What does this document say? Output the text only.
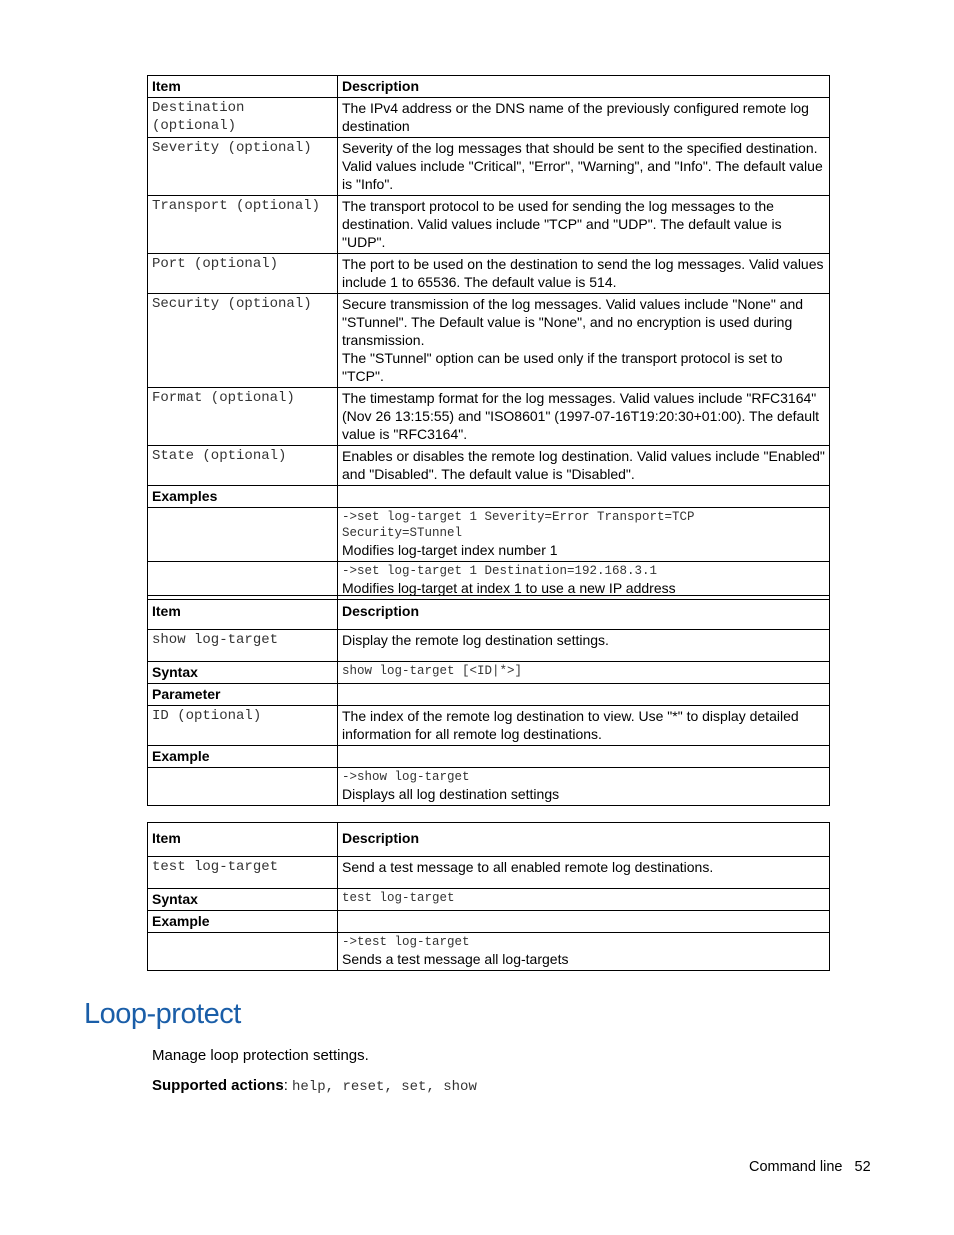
Item	Description
Destination
(optional)	The IPv4 address or the DNS name of the previously configured remote log destination
Severity (optional)	Severity of the log messages that should be sent to the specified destination. Valid values include "Critical", "Error", "Warning", and "Info". The default value is "Info".
Transport (optional)	The transport protocol to be used for sending the log messages to the destination. Valid values include "TCP" and "UDP". The default value is "UDP".
Port (optional)	The port to be used on the destination to send the log messages. Valid values include 1 to 65536. The default value is 514.
Security (optional)	Secure transmission of the log messages. Valid values include "None" and "STunnel". The Default value is "None", and no encryption is used during transmission.
The "STunnel" option can be used only if the transport protocol is set to "TCP".

Format (optional)	The timestamp format for the log messages. Valid values include "RFC3164" (Nov 26 13:15:55) and "ISO8601" (1997-07-16T19:20:30+01:00). The default value is "RFC3164".
State (optional)	Enables or disables the remote log destination. Valid values include "Enabled" and "Disabled". The default value is "Disabled".
Examples	

	->set log-target 1 Severity=Error Transport=TCP
Security=STunnel
Modifies log-target index number 1

	->set log-target 1 Destination=192.168.3.1
Modifies log-target at index 1 to use a new IP address
Item	Description
show log-target	Display the remote log destination settings.
Syntax	show log-target [<ID|*>]

Parameter	
ID (optional)	The index of the remote log destination to view. Use "*" to display detailed information for all remote log destinations.
Example	

	->show log-target
Displays all log destination settings
Item	Description
test log-target	Send a test message to all enabled remote log destinations.
Syntax	test log-target

Example	

	->test log-target
Sends a test message all log-targets
Loop-protect
Manage loop protection settings.
Supported actions: help, reset, set, show
Command line 52
